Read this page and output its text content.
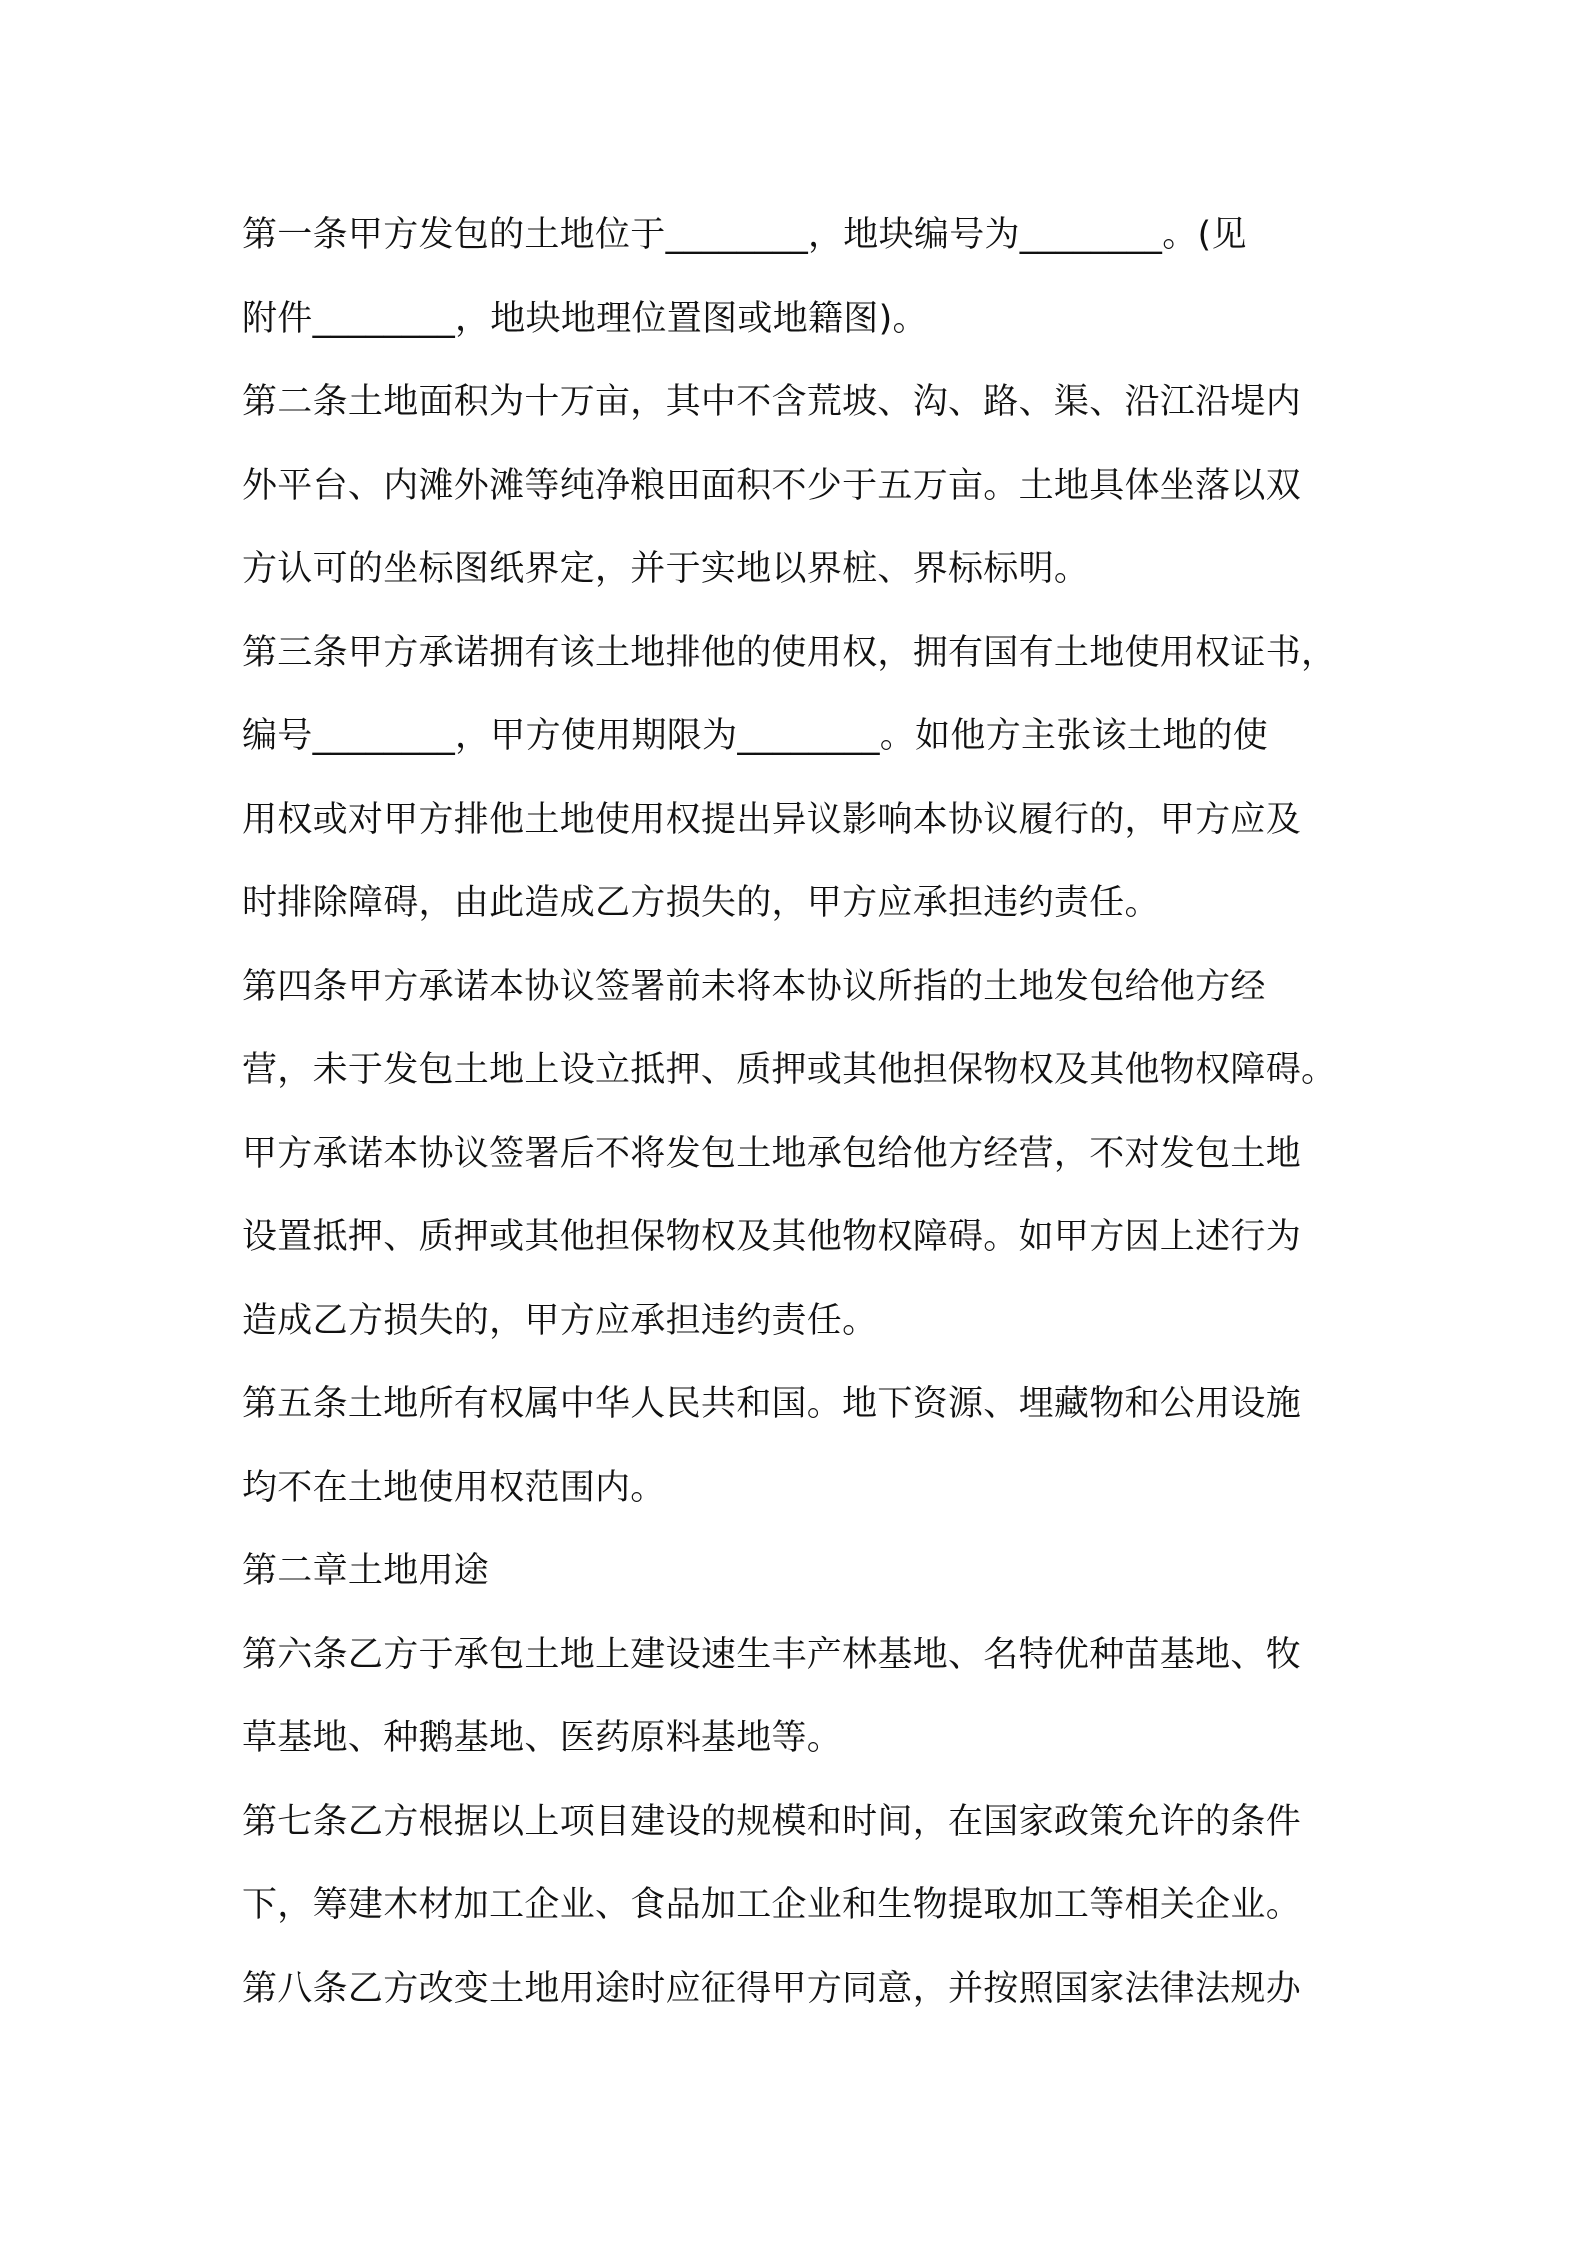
第一条甲方发包的土地位于________，地块编号为________。(见
附件________，地块地理位置图或地籍图)。
第二条土地面积为十万亩，其中不含荒坡、沟、路、渠、沿江沿堤内
外平台、内滩外滩等纯净粮田面积不少于五万亩。土地具体坐落以双
方认可的坐标图纸界定，并于实地以界桩、界标标明。
第三条甲方承诺拥有该土地排他的使用权，拥有国有土地使用权证书，
编号________，甲方使用期限为________。如他方主张该土地的使
用权或对甲方排他土地使用权提出异议影响本协议履行的，甲方应及
时排除障碍，由此造成乙方损失的，甲方应承担违约责任。
第四条甲方承诺本协议签署前未将本协议所指的土地发包给他方经
营，未于发包土地上设立抵押、质押或其他担保物权及其他物权障碍。
甲方承诺本协议签署后不将发包土地承包给他方经营，不对发包土地
设置抵押、质押或其他担保物权及其他物权障碍。如甲方因上述行为
造成乙方损失的，甲方应承担违约责任。
第五条土地所有权属中华人民共和国。地下资源、埋藏物和公用设施
均不在土地使用权范围内。
第二章土地用途
第六条乙方于承包土地上建设速生丰产林基地、名特优种苗基地、牧
草基地、种鹅基地、医药原料基地等。
第七条乙方根据以上项目建设的规模和时间，在国家政策允许的条件
下，筹建木材加工企业、食品加工企业和生物提取加工等相关企业。
第八条乙方改变土地用途时应征得甲方同意，并按照国家法律法规办
